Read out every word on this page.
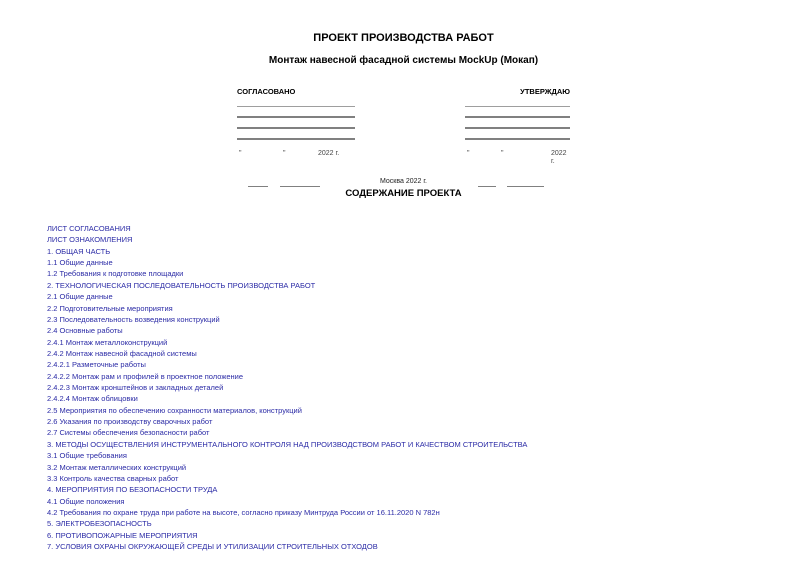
ПРОЕКТ ПРОИЗВОДСТВА РАБОТ
Монтаж навесной фасадной системы MockUp (Мокап)
СОГЛАСОВАНО
"	"	2022 г.

УТВЕРЖДАЮ
"	"	2022 г.

Москва 2022 г.
СОДЕРЖАНИЕ ПРОЕКТА
ЛИСТ СОГЛАСОВАНИЯ
ЛИСТ ОЗНАКОМЛЕНИЯ
1. ОБЩАЯ ЧАСТЬ
1.1 Общие данные
1.2 Требования к подготовке площадки
2. ТЕХНОЛОГИЧЕСКАЯ ПОСЛЕДОВАТЕЛЬНОСТЬ ПРОИЗВОДСТВА РАБОТ
2.1 Общие данные
2.2 Подготовительные мероприятия
2.3 Последовательность возведения конструкций
2.4 Основные работы
2.4.1 Монтаж металлоконструкций
2.4.2 Монтаж навесной фасадной системы
2.4.2.1 Разметочные работы
2.4.2.2 Монтаж рам и профилей в проектное положение
2.4.2.3 Монтаж кронштейнов и закладных деталей
2.4.2.4 Монтаж облицовки
2.5 Мероприятия по обеспечению сохранности материалов, конструкций
2.6 Указания по производству сварочных работ
2.7 Системы обеспечения безопасности работ
3. МЕТОДЫ ОСУЩЕСТВЛЕНИЯ ИНСТРУМЕНТАЛЬНОГО КОНТРОЛЯ НАД ПРОИЗВОДСТВОМ РАБОТ И КАЧЕСТВОМ СТРОИТЕЛЬСТВА
3.1 Общие требования
3.2 Монтаж металлических конструкций
3.3 Контроль качества сварных работ
4. МЕРОПРИЯТИЯ ПО БЕЗОПАСНОСТИ ТРУДА
4.1 Общие положения
4.2 Требования по охране труда при работе на высоте, согласно приказу Минтруда России от 16.11.2020 N 782н
5. ЭЛЕКТРОБЕЗОПАСНОСТЬ
6. ПРОТИВОПОЖАРНЫЕ МЕРОПРИЯТИЯ
7. УСЛОВИЯ ОХРАНЫ ОКРУЖАЮЩЕЙ СРЕДЫ И УТИЛИЗАЦИИ СТРОИТЕЛЬНЫХ ОТХОДОВ
